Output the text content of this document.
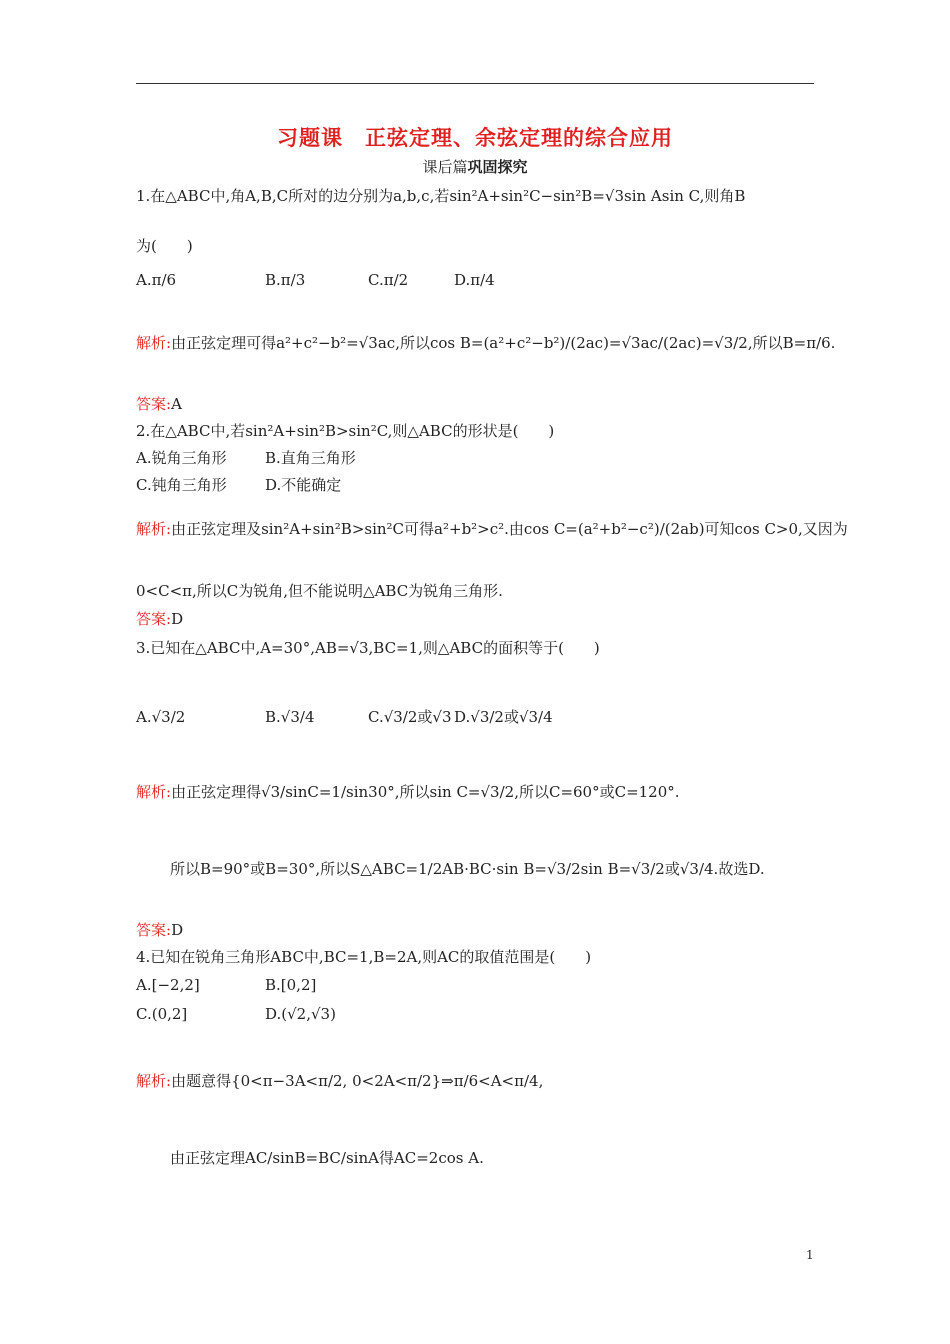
习题课　正弦定理、余弦定理的综合应用
课后篇巩固探究
1.在△ABC中,角A,B,C所对的边分别为a,b,c,若sin²A+sin²C−sin²B=√3sin Asin C,则角B
为(　　)
A.π/6	B.π/3	C.π/2	D.π/4
解析:由正弦定理可得a²+c²−b²=√3ac,所以cos B=(a²+c²−b²)/(2ac)=√3ac/(2ac)=√3/2,所以B=π/6.
答案:A
2.在△ABC中,若sin²A+sin²B>sin²C,则△ABC的形状是(　　)
A.锐角三角形	B.直角三角形
C.钝角三角形	D.不能确定
解析:由正弦定理及sin²A+sin²B>sin²C可得a²+b²>c².由cos C=(a²+b²−c²)/(2ab)可知cos C>0,又因为
0<C<π,所以C为锐角,但不能说明△ABC为锐角三角形.
答案:D
3.已知在△ABC中,A=30°,AB=√3,BC=1,则△ABC的面积等于(　　)
A.√3/2	B.√3/4	C.√3/2或√3 D.√3/2或√3/4
解析:由正弦定理得√3/sinC=1/sin30°,所以sin C=√3/2,所以C=60°或C=120°.
所以B=90°或B=30°,所以S△ABC=1/2AB·BC·sin B=√3/2sin B=√3/2或√3/4.故选D.
答案:D
4.已知在锐角三角形ABC中,BC=1,B=2A,则AC的取值范围是(　　)
A.[−2,2]	B.[0,2]
C.(0,2]	D.(√2,√3)
解析:由题意得{0<π−3A<π/2, 0<2A<π/2}⇒π/6<A<π/4,
由正弦定理AC/sinB=BC/sinA得AC=2cos A.
1
